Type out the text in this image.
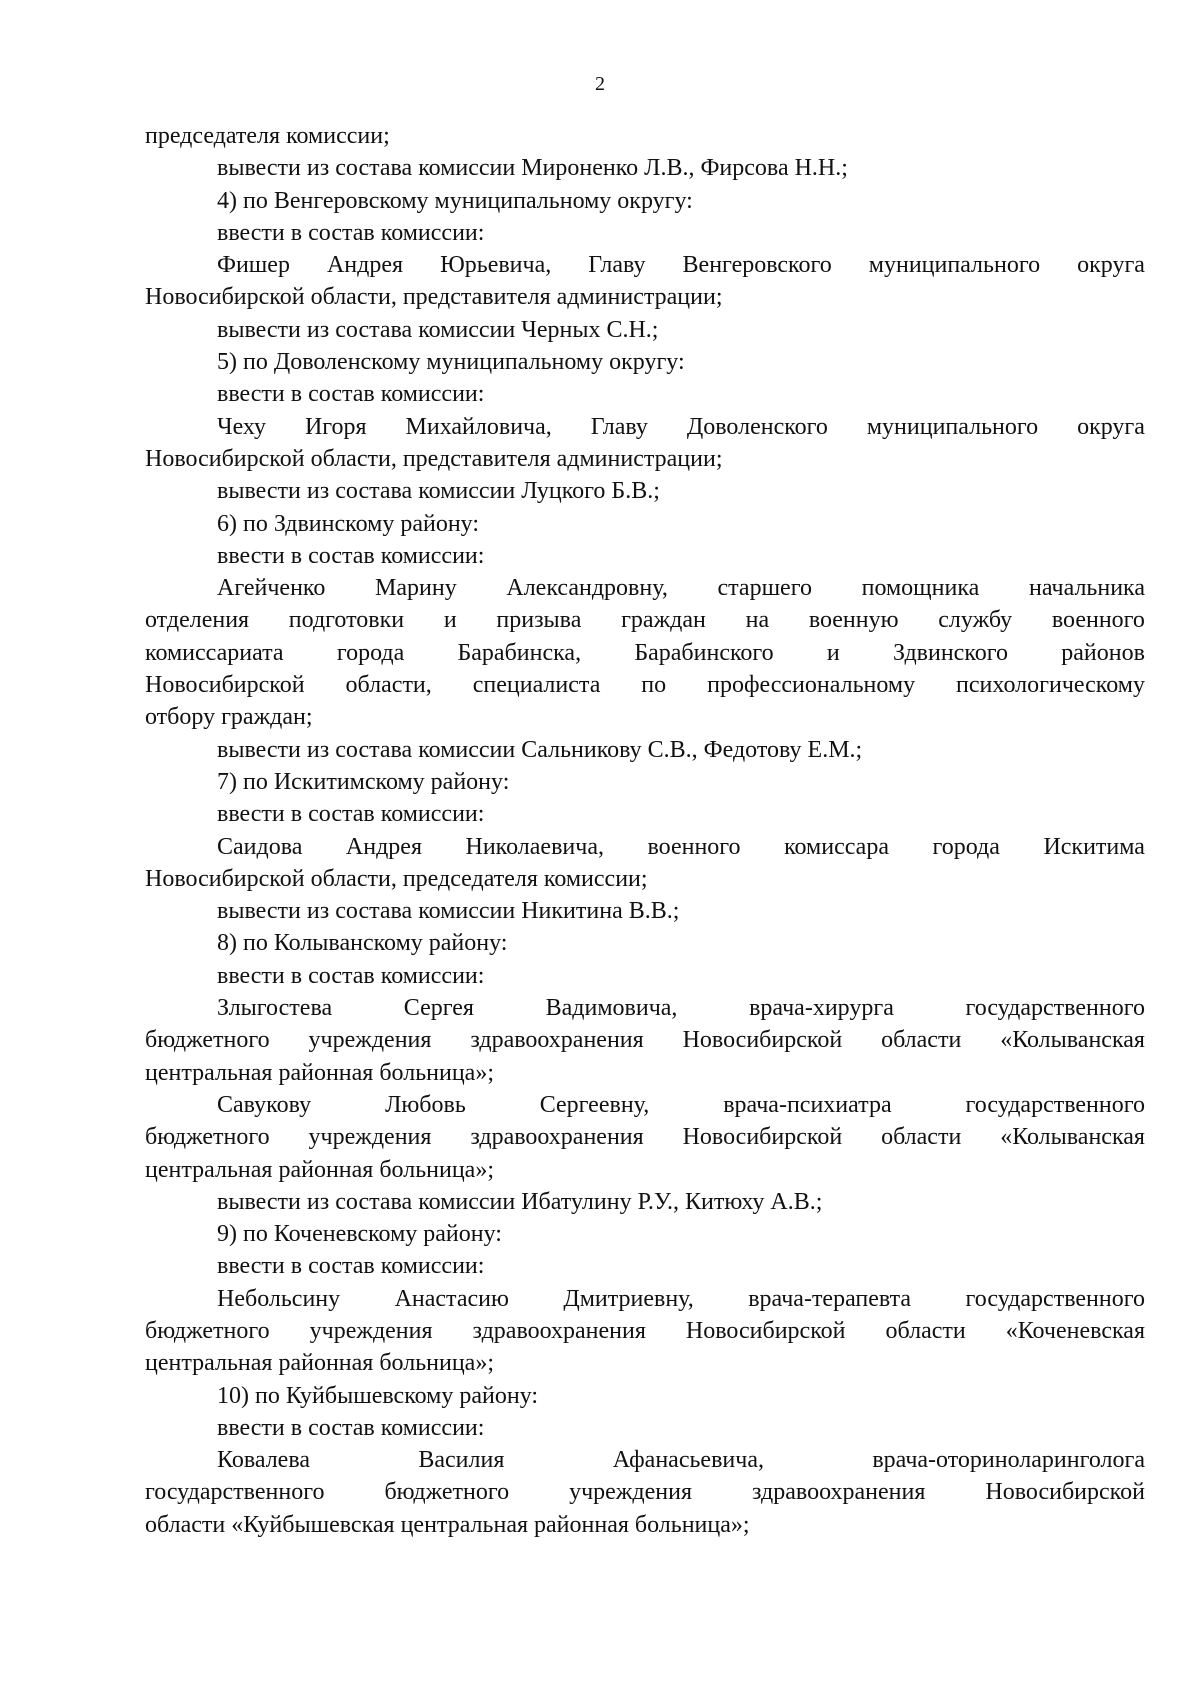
2
председателя комиссии;
вывести из состава комиссии Мироненко Л.В., Фирсова Н.Н.;
4) по Венгеровскому муниципальному округу:
ввести в состав комиссии:
Фишер Андрея Юрьевича, Главу Венгеровского муниципального округа
Новосибирской области, представителя администрации;
вывести из состава комиссии Черных С.Н.;
5) по Доволенскому муниципальному округу:
ввести в состав комиссии:
Чеху Игоря Михайловича, Главу Доволенского муниципального округа
Новосибирской области, представителя администрации;
вывести из состава комиссии Луцкого Б.В.;
6) по Здвинскому району:
ввести в состав комиссии:
Агейченко Марину Александровну, старшего помощника начальника
отделения подготовки и призыва граждан на военную службу военного
комиссариата города Барабинска, Барабинского и Здвинского районов
Новосибирской области, специалиста по профессиональному психологическому
отбору граждан;
вывести из состава комиссии Сальникову С.В., Федотову Е.М.;
7) по Искитимскому району:
ввести в состав комиссии:
Саидова Андрея Николаевича, военного комиссара города Искитима
Новосибирской области, председателя комиссии;
вывести из состава комиссии Никитина В.В.;
8) по Колыванскому району:
ввести в состав комиссии:
Злыгостева	Сергея	Вадимовича,	врача-хирурга	государственного
бюджетного учреждения здравоохранения Новосибирской области «Колыванская
центральная районная больница»;
Савукову	Любовь	Сергеевну,	врача-психиатра	государственного
бюджетного учреждения здравоохранения Новосибирской области «Колыванская
центральная районная больница»;
вывести из состава комиссии Ибатулину Р.У., Китюху А.В.;
9) по Коченевскому району:
ввести в состав комиссии:
Небольсину Анастасию Дмитриевну, врача-терапевта государственного
бюджетного учреждения здравоохранения Новосибирской области «Коченевская
центральная районная больница»;
10) по Куйбышевскому району:
ввести в состав комиссии:
Ковалева	Василия	Афанасьевича,	врача-оториноларинголога
государственного	бюджетного	учреждения	здравоохранения	Новосибирской
области «Куйбышевская центральная районная больница»;
